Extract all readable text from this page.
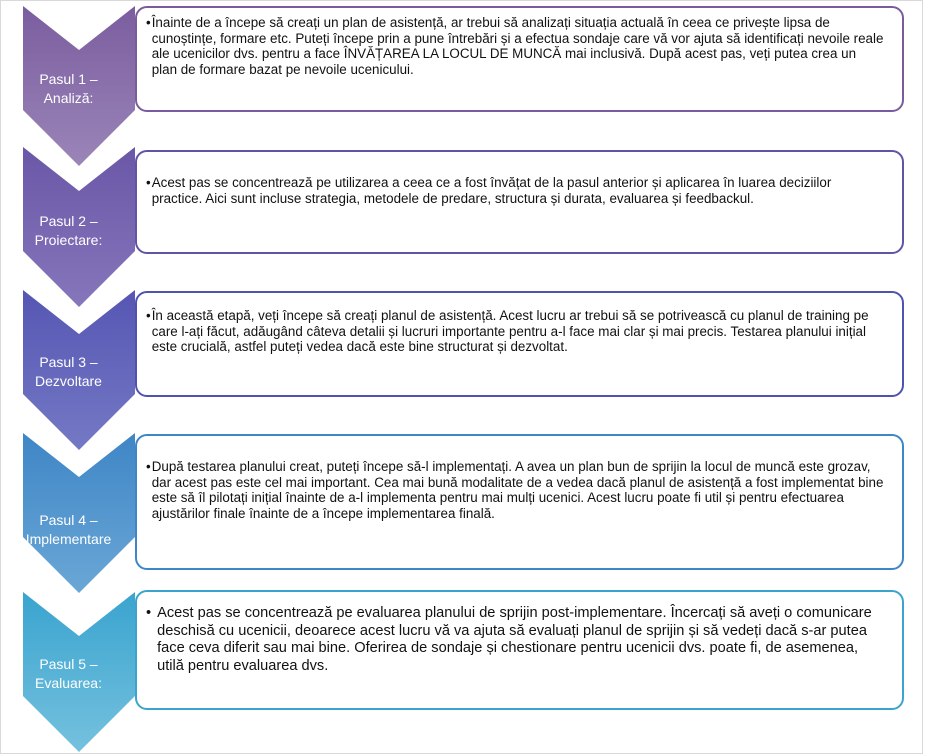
Pasul 1 –
Analiză:
• Înainte de a începe să creați un plan de asistență, ar trebui să analizați situația actuală în ceea ce privește lipsa de cunoștințe, formare etc. Puteți începe prin a pune întrebări și a efectua sondaje care vă vor ajuta să identificați nevoile reale ale ucenicilor dvs. pentru a face ÎNVĂȚAREA LA LOCUL DE MUNCĂ mai inclusivă. După acest pas, veți putea crea un plan de formare bazat pe nevoile ucenicului.
Pasul 2 –
Proiectare:
• Acest pas se concentrează pe utilizarea a ceea ce a fost învățat de la pasul anterior și aplicarea în luarea deciziilor practice. Aici sunt incluse strategia, metodele de predare, structura și durata, evaluarea și feedbackul.
Pasul 3 –
Dezvoltare
• În această etapă, veți începe să creați planul de asistență. Acest lucru ar trebui să se potrivească cu planul de training pe care l-ați făcut, adăugând câteva detalii și lucruri importante pentru a-l face mai clar și mai precis. Testarea planului inițial este crucială, astfel puteți vedea dacă este bine structurat și dezvoltat.
Pasul 4 –
Implementare
• După testarea planului creat, puteți începe să-l implementați. A avea un plan bun de sprijin la locul de muncă este grozav, dar acest pas este cel mai important. Cea mai bună modalitate de a vedea dacă planul de asistență a fost implementat bine este să îl pilotați inițial înainte de a-l implementa pentru mai mulți ucenici. Acest lucru poate fi util și pentru efectuarea ajustărilor finale înainte de a începe implementarea finală.
Pasul 5 –
Evaluarea:
• Acest pas se concentrează pe evaluarea planului de sprijin post-implementare. Încercați să aveți o comunicare deschisă cu ucenicii, deoarece acest lucru vă va ajuta să evaluați planul de sprijin și să vedeți dacă s-ar putea face ceva diferit sau mai bine. Oferirea de sondaje și chestionare pentru ucenicii dvs. poate fi, de asemenea, utilă pentru evaluarea dvs.
